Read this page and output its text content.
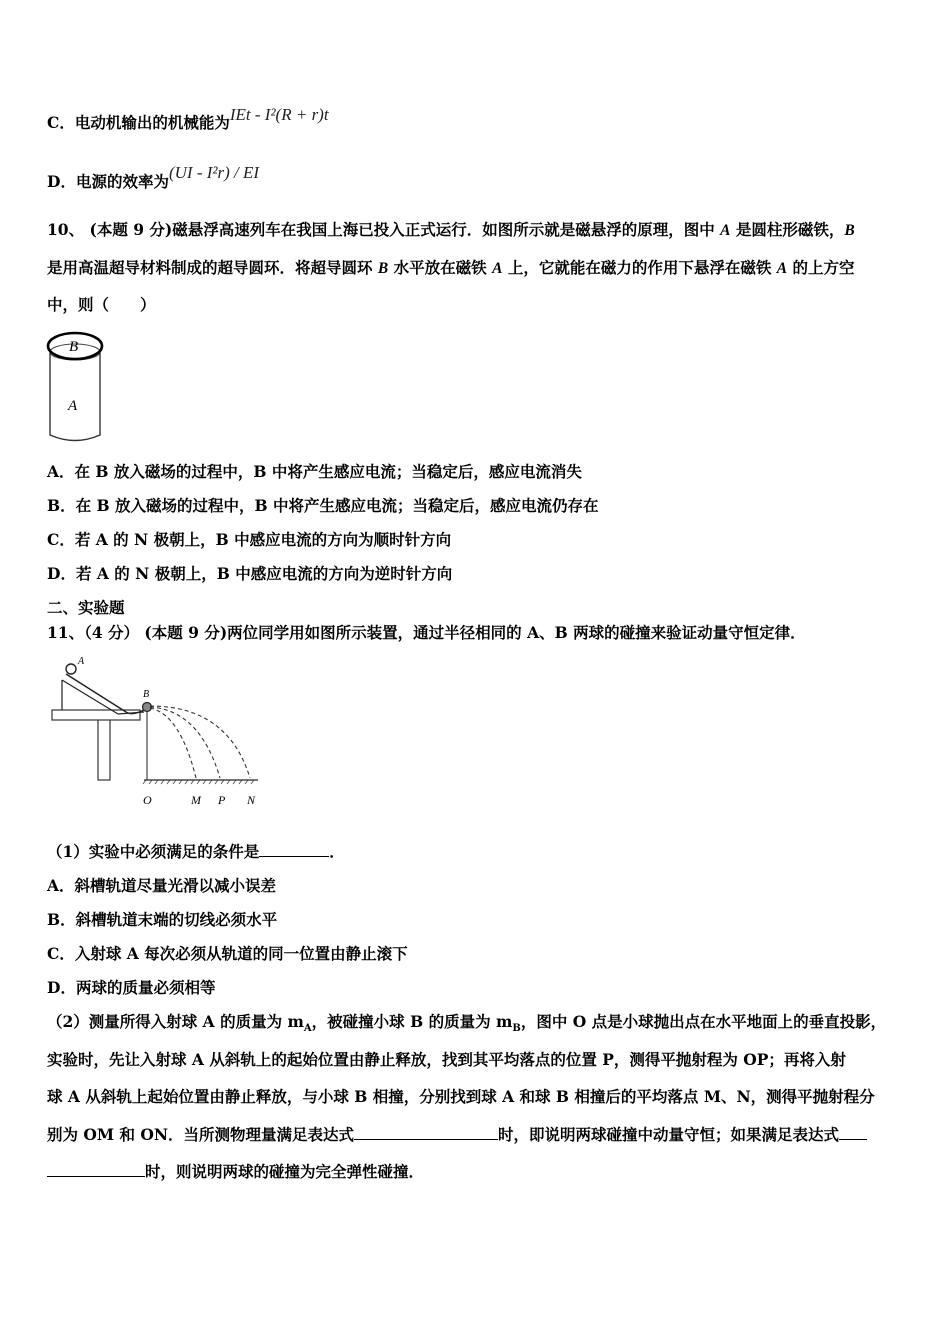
C．电动机输出的机械能为IEt - I²(R + r)t
D．电源的效率为(UI - I²r) / EI
10、 (本题 9 分)磁悬浮高速列车在我国上海已投入正式运行．如图所示就是磁悬浮的原理，图中 A 是圆柱形磁铁，B
是用高温超导材料制成的超导圆环．将超导圆环 B 水平放在磁铁 A 上，它就能在磁力的作用下悬浮在磁铁 A 的上方空
中，则（　　）
B
A
A．在 B 放入磁场的过程中，B 中将产生感应电流；当稳定后，感应电流消失
B．在 B 放入磁场的过程中，B 中将产生感应电流；当稳定后，感应电流仍存在
C．若 A 的 N 极朝上，B 中感应电流的方向为顺时针方向
D．若 A 的 N 极朝上，B 中感应电流的方向为逆时针方向
二、实验题
11、（4 分） (本题 9 分)两位同学用如图所示装置，通过半径相同的 A、B 两球的碰撞来验证动量守恒定律．
A
B
O	M P N
（1）实验中必须满足的条件是	．
A．斜槽轨道尽量光滑以减小误差
B．斜槽轨道末端的切线必须水平
C．入射球 A 每次必须从轨道的同一位置由静止滚下
D．两球的质量必须相等
（2）测量所得入射球 A 的质量为 $m_A$，被碰撞小球 B 的质量为 $m_B$，图中 O 点是小球抛出点在水平地面上的垂直投影，
实验时，先让入射球 A 从斜轨上的起始位置由静止释放，找到其平均落点的位置 P，测得平抛射程为 OP；再将入射
球 A 从斜轨上起始位置由静止释放，与小球 B 相撞，分别找到球 A 和球 B 相撞后的平均落点 M、N，测得平抛射程分
别为 OM 和 ON．当所测物理量满足表达式	时，即说明两球碰撞中动量守恒；如果满足表达式
时，则说明两球的碰撞为完全弹性碰撞．
